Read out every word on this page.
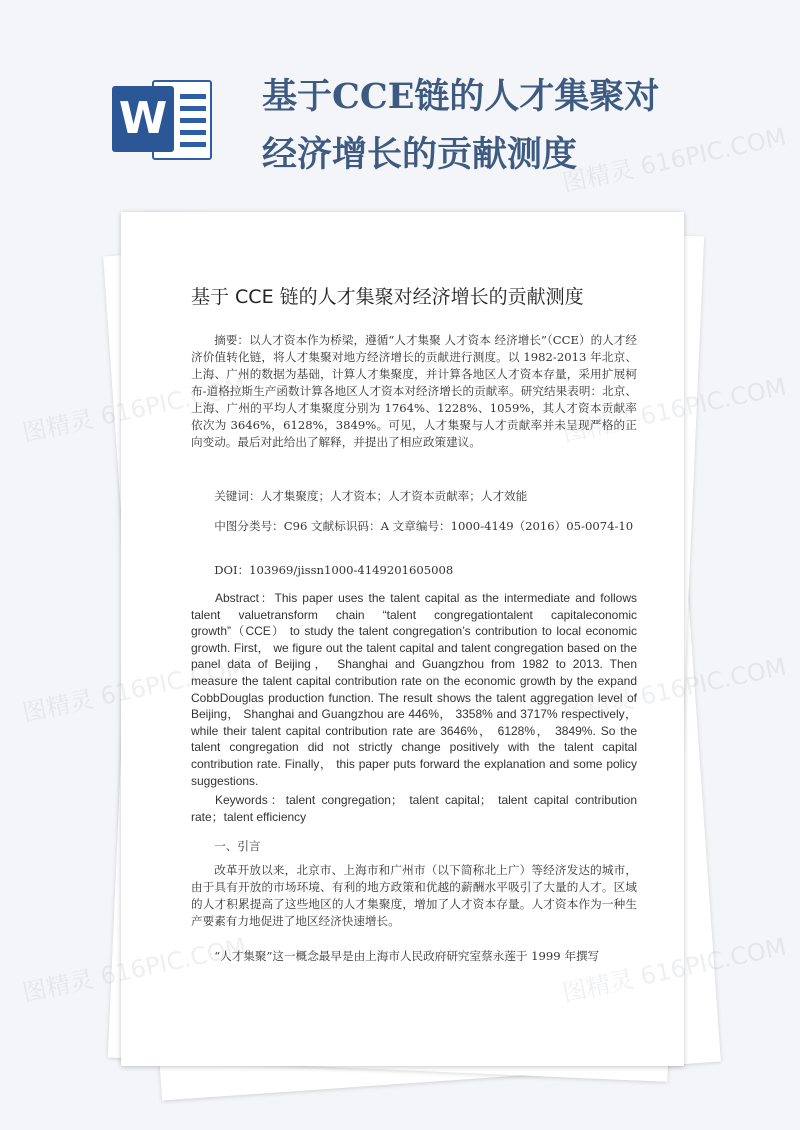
W	基于CCE链的人才集聚对经济增长的贡献测度
基于 CCE 链的人才集聚对经济增长的贡献测度

摘要：以人才资本作为桥梁，遵循“人才集聚 人才资本 经济增长”（CCE）的人才经济价值转化链，将人才集聚对地方经济增长的贡献进行测度。以 1982-2013 年北京、上海、广州的数据为基础，计算人才集聚度，并计算各地区人才资本存量，采用扩展柯布-道格拉斯生产函数计算各地区人才资本对经济增长的贡献率。研究结果表明：北京、上海、广州的平均人才集聚度分别为 1764%、1228%、1059%，其人才资本贡献率依次为 3646%，6128%，3849%。可见，人才集聚与人才贡献率并未呈现严格的正向变动。最后对此给出了解释，并提出了相应政策建议。

关键词：人才集聚度；人才资本；人才资本贡献率；人才效能

中图分类号：C96 文献标识码：A 文章编号：1000-4149（2016）05-0074-10

DOI：103969/jissn1000-4149201605008

Abstract：This paper uses the talent capital as the intermediate and follows talent valuetransform chain “talent congregationtalent capitaleconomic growth”（CCE） to study the talent congregation’s contribution to local economic growth. First， we figure out the talent capital and talent congregation based on the panel data of Beijing， Shanghai and Guangzhou from 1982 to 2013. Then measure the talent capital contribution rate on the economic growth by the expand CobbDouglas production function. The result shows the talent aggregation level of Beijing， Shanghai and Guangzhou are 446%， 3358% and 3717% respectively， while their talent capital contribution rate are 3646%， 6128%， 3849%. So the talent congregation did not strictly change positively with the talent capital contribution rate. Finally， this paper puts forward the explanation and some policy suggestions.

Keywords：talent congregation； talent capital； talent capital contribution rate；talent efficiency

一、引言

改革开放以来，北京市、上海市和广州市（以下简称北上广）等经济发达的城市，由于具有开放的市场环境、有利的地方政策和优越的薪酬水平吸引了大量的人才。区域的人才积累提高了这些地区的人才集聚度，增加了人才资本存量。人才资本作为一种生产要素有力地促进了地区经济快速增长。

“人才集聚”这一概念最早是由上海市人民政府研究室蔡永莲于 1999 年撰写

图精灵 616PIC.COM
图精灵	616PIC.COM
图精灵	616PIC.COM
图精灵
